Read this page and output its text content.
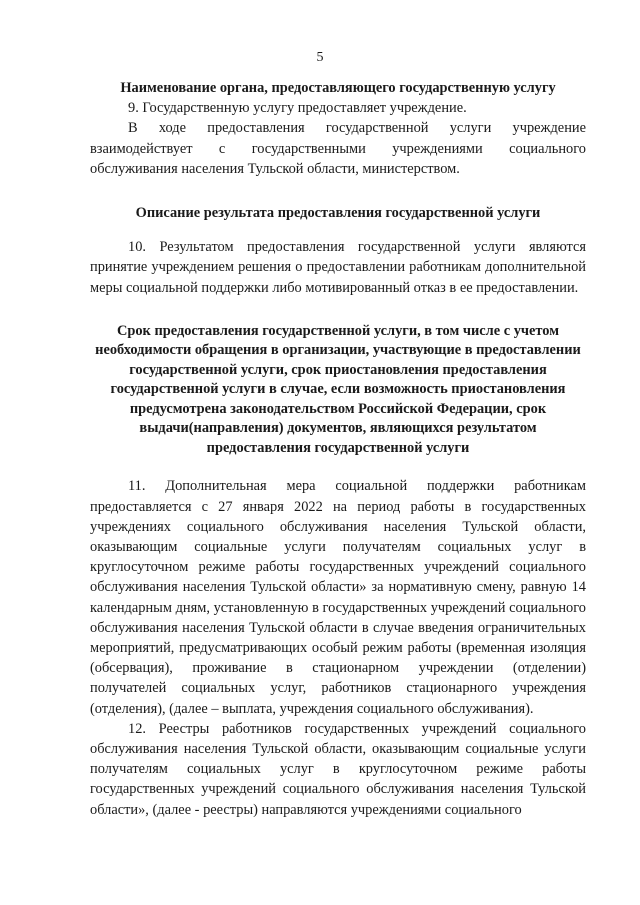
5

Наименование органа, предоставляющего государственную услугу

9. Государственную услугу предоставляет учреждение.

В ходе предоставления государственной услуги учреждение взаимодействует с государственными учреждениями социального обслуживания населения Тульской области, министерством.

Описание результата предоставления государственной услуги

10. Результатом предоставления государственной услуги являются принятие учреждением решения о предоставлении работникам дополнительной меры социальной поддержки либо мотивированный отказ в ее предоставлении.

Срок предоставления государственной услуги, в том числе с учетом необходимости обращения в организации, участвующие в предоставлении государственной услуги, срок приостановления предоставления государственной услуги в случае, если возможность приостановления предусмотрена законодательством Российской Федерации, срок выдачи(направления) документов, являющихся результатом предоставления государственной услуги

11. Дополнительная мера социальной поддержки работникам предоставляется с 27 января 2022 на период работы в государственных учреждениях социального обслуживания населения Тульской области, оказывающим социальные услуги получателям социальных услуг в круглосуточном режиме работы государственных учреждений социального обслуживания населения Тульской области» за нормативную смену, равную 14 календарным дням, установленную в государственных учреждений социального обслуживания населения Тульской области в случае введения ограничительных мероприятий, предусматривающих особый режим работы (временная изоляция (обсервация), проживание в стационарном учреждении (отделении) получателей социальных услуг, работников стационарного учреждения (отделения), (далее – выплата, учреждения социального обслуживания).

12. Реестры работников государственных учреждений социального обслуживания населения Тульской области, оказывающим социальные услуги получателям социальных услуг в круглосуточном режиме работы государственных учреждений социального обслуживания населения Тульской области», (далее - реестры) направляются учреждениями социального
